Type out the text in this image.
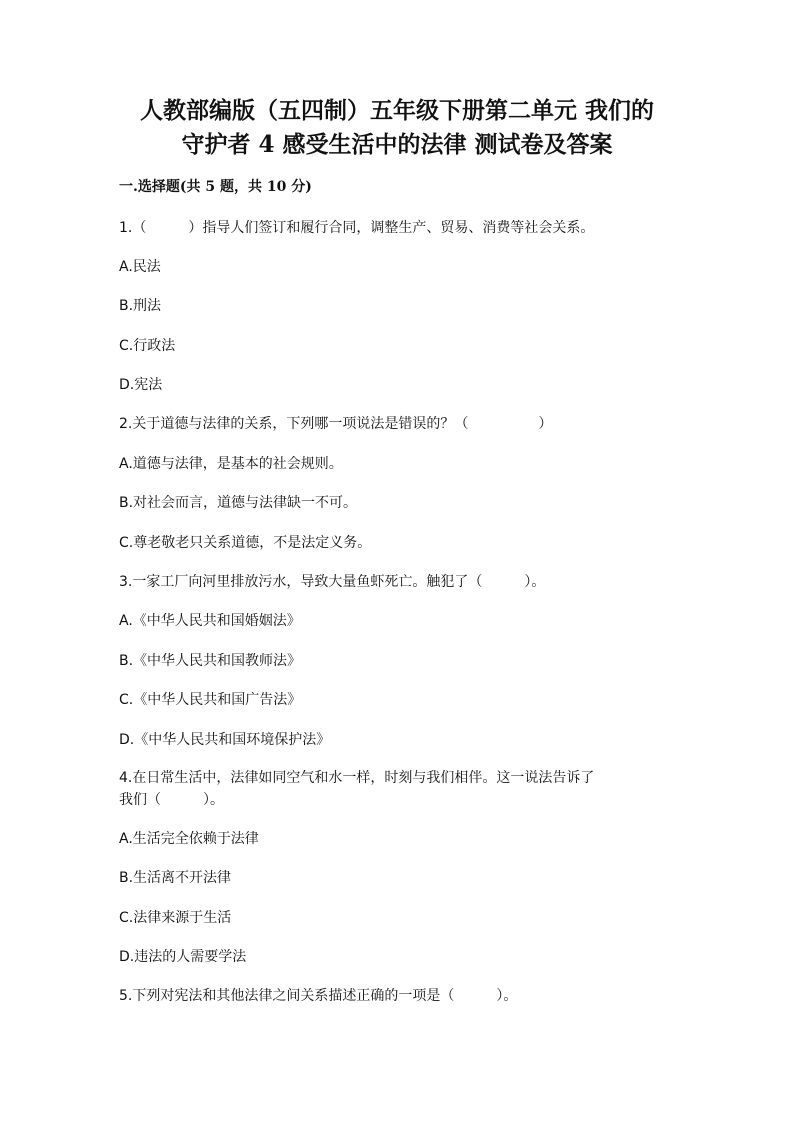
人教部编版（五四制）五年级下册第二单元 我们的
守护者 4 感受生活中的法律 测试卷及答案
一.选择题(共 5 题，共 10 分)
1.（　　　）指导人们签订和履行合同，调整生产、贸易、消费等社会关系。
A.民法
B.刑法
C.行政法
D.宪法
2.关于道德与法律的关系，下列哪一项说法是错误的？（　　　　　）
A.道德与法律，是基本的社会规则。
B.对社会而言，道德与法律缺一不可。
C.尊老敬老只关系道德，不是法定义务。
3.一家工厂向河里排放污水，导致大量鱼虾死亡。触犯了（　　　）。
A.《中华人民共和国婚姻法》
B.《中华人民共和国教师法》
C.《中华人民共和国广告法》
D.《中华人民共和国环境保护法》
4.在日常生活中，法律如同空气和水一样，时刻与我们相伴。这一说法告诉了
我们（　　　）。
A.生活完全依赖于法律
B.生活离不开法律
C.法律来源于生活
D.违法的人需要学法
5.下列对宪法和其他法律之间关系描述正确的一项是（　　　）。
